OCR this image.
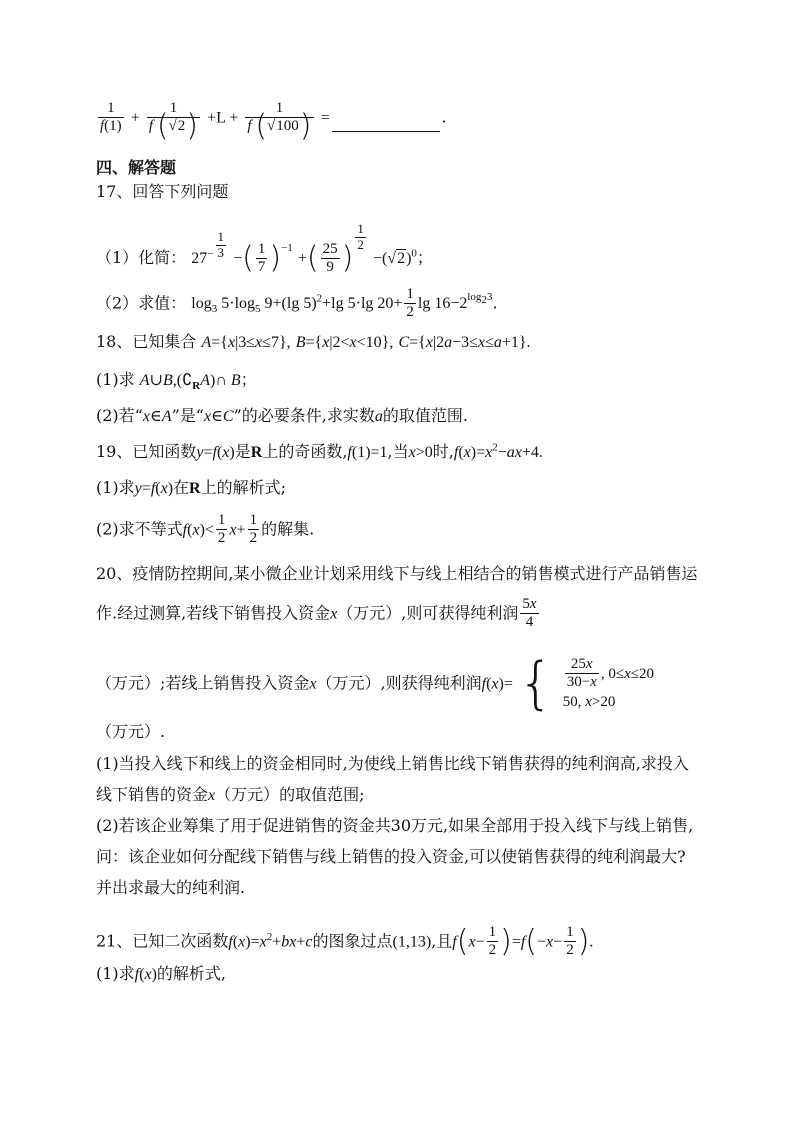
$\frac{1}{f(1)} + \frac{1}{f (√2)} +L + \frac{1}{f (√100)}$ =	.
四、解答题
17、回答下列问题
（1）化简： $27^{- \frac{1}{3}}$ −( $\frac{1}{7} )^{-1}$ +( $\frac{25}{9}$ )
$^{\frac{1}{2}}$
$-(√2)^0$；
（2）求值： $\log_3 5\cdot\log_5$ 9+(lg 5)$^2$+lg 5·lg $20+ \frac{1}{2}$ $\lg 16-2^{log_23}$.
18、已知集合 A={x|3≤x≤7}, B={x|2<x<10}, C={x|2a−3≤x≤a+1}.
(1)求 $A\cup B,(∁_RA)\cap$ B；
(2)若“x∈A”是“x∈C”的必要条件,求实数a的取值范围.
19、已知函数y=f(x)是R上的奇函数,f(1)=1,当x>0时$,f(x)=x^2-ax+4$.
(1)求y=f(x)在R上的解析式;
(2)求不等式$f(x)< \frac{1}{2} x+ \frac{1}{2}$ 的解集.
20、疫情防控期间,某小微企业计划采用线下与线上相结合的销售模式进行产品销售运
作.经过测算,若线下销售投入资金x（万元）,则可获得纯利润 $\frac{5x}{4}$
（万元）;若线上销售投入资金x（万元）,则获得纯利润f(x)= { $\frac{25x}{30-x}$ , 0≤x≤20
50, x>20
（万元）.
(1)当投入线下和线上的资金相同时,为使线上销售比线下销售获得的纯利润高,求投入
线下销售的资金x（万元）的取值范围;
(2)若该企业筹集了用于促进销售的资金共30万元,如果全部用于投入线下与线上销售,
问：该企业如何分配线下销售与线上销售的投入资金,可以使销售获得的纯利润最大?
并出求最大的纯利润.
21、已知二次函数$f(x)=x^2+bx+c$的图象过点(1,13),且$f(x- \frac{1}{2} )=f(-x- \frac{1}{2}$ ).
(1)求f(x)的解析式,
